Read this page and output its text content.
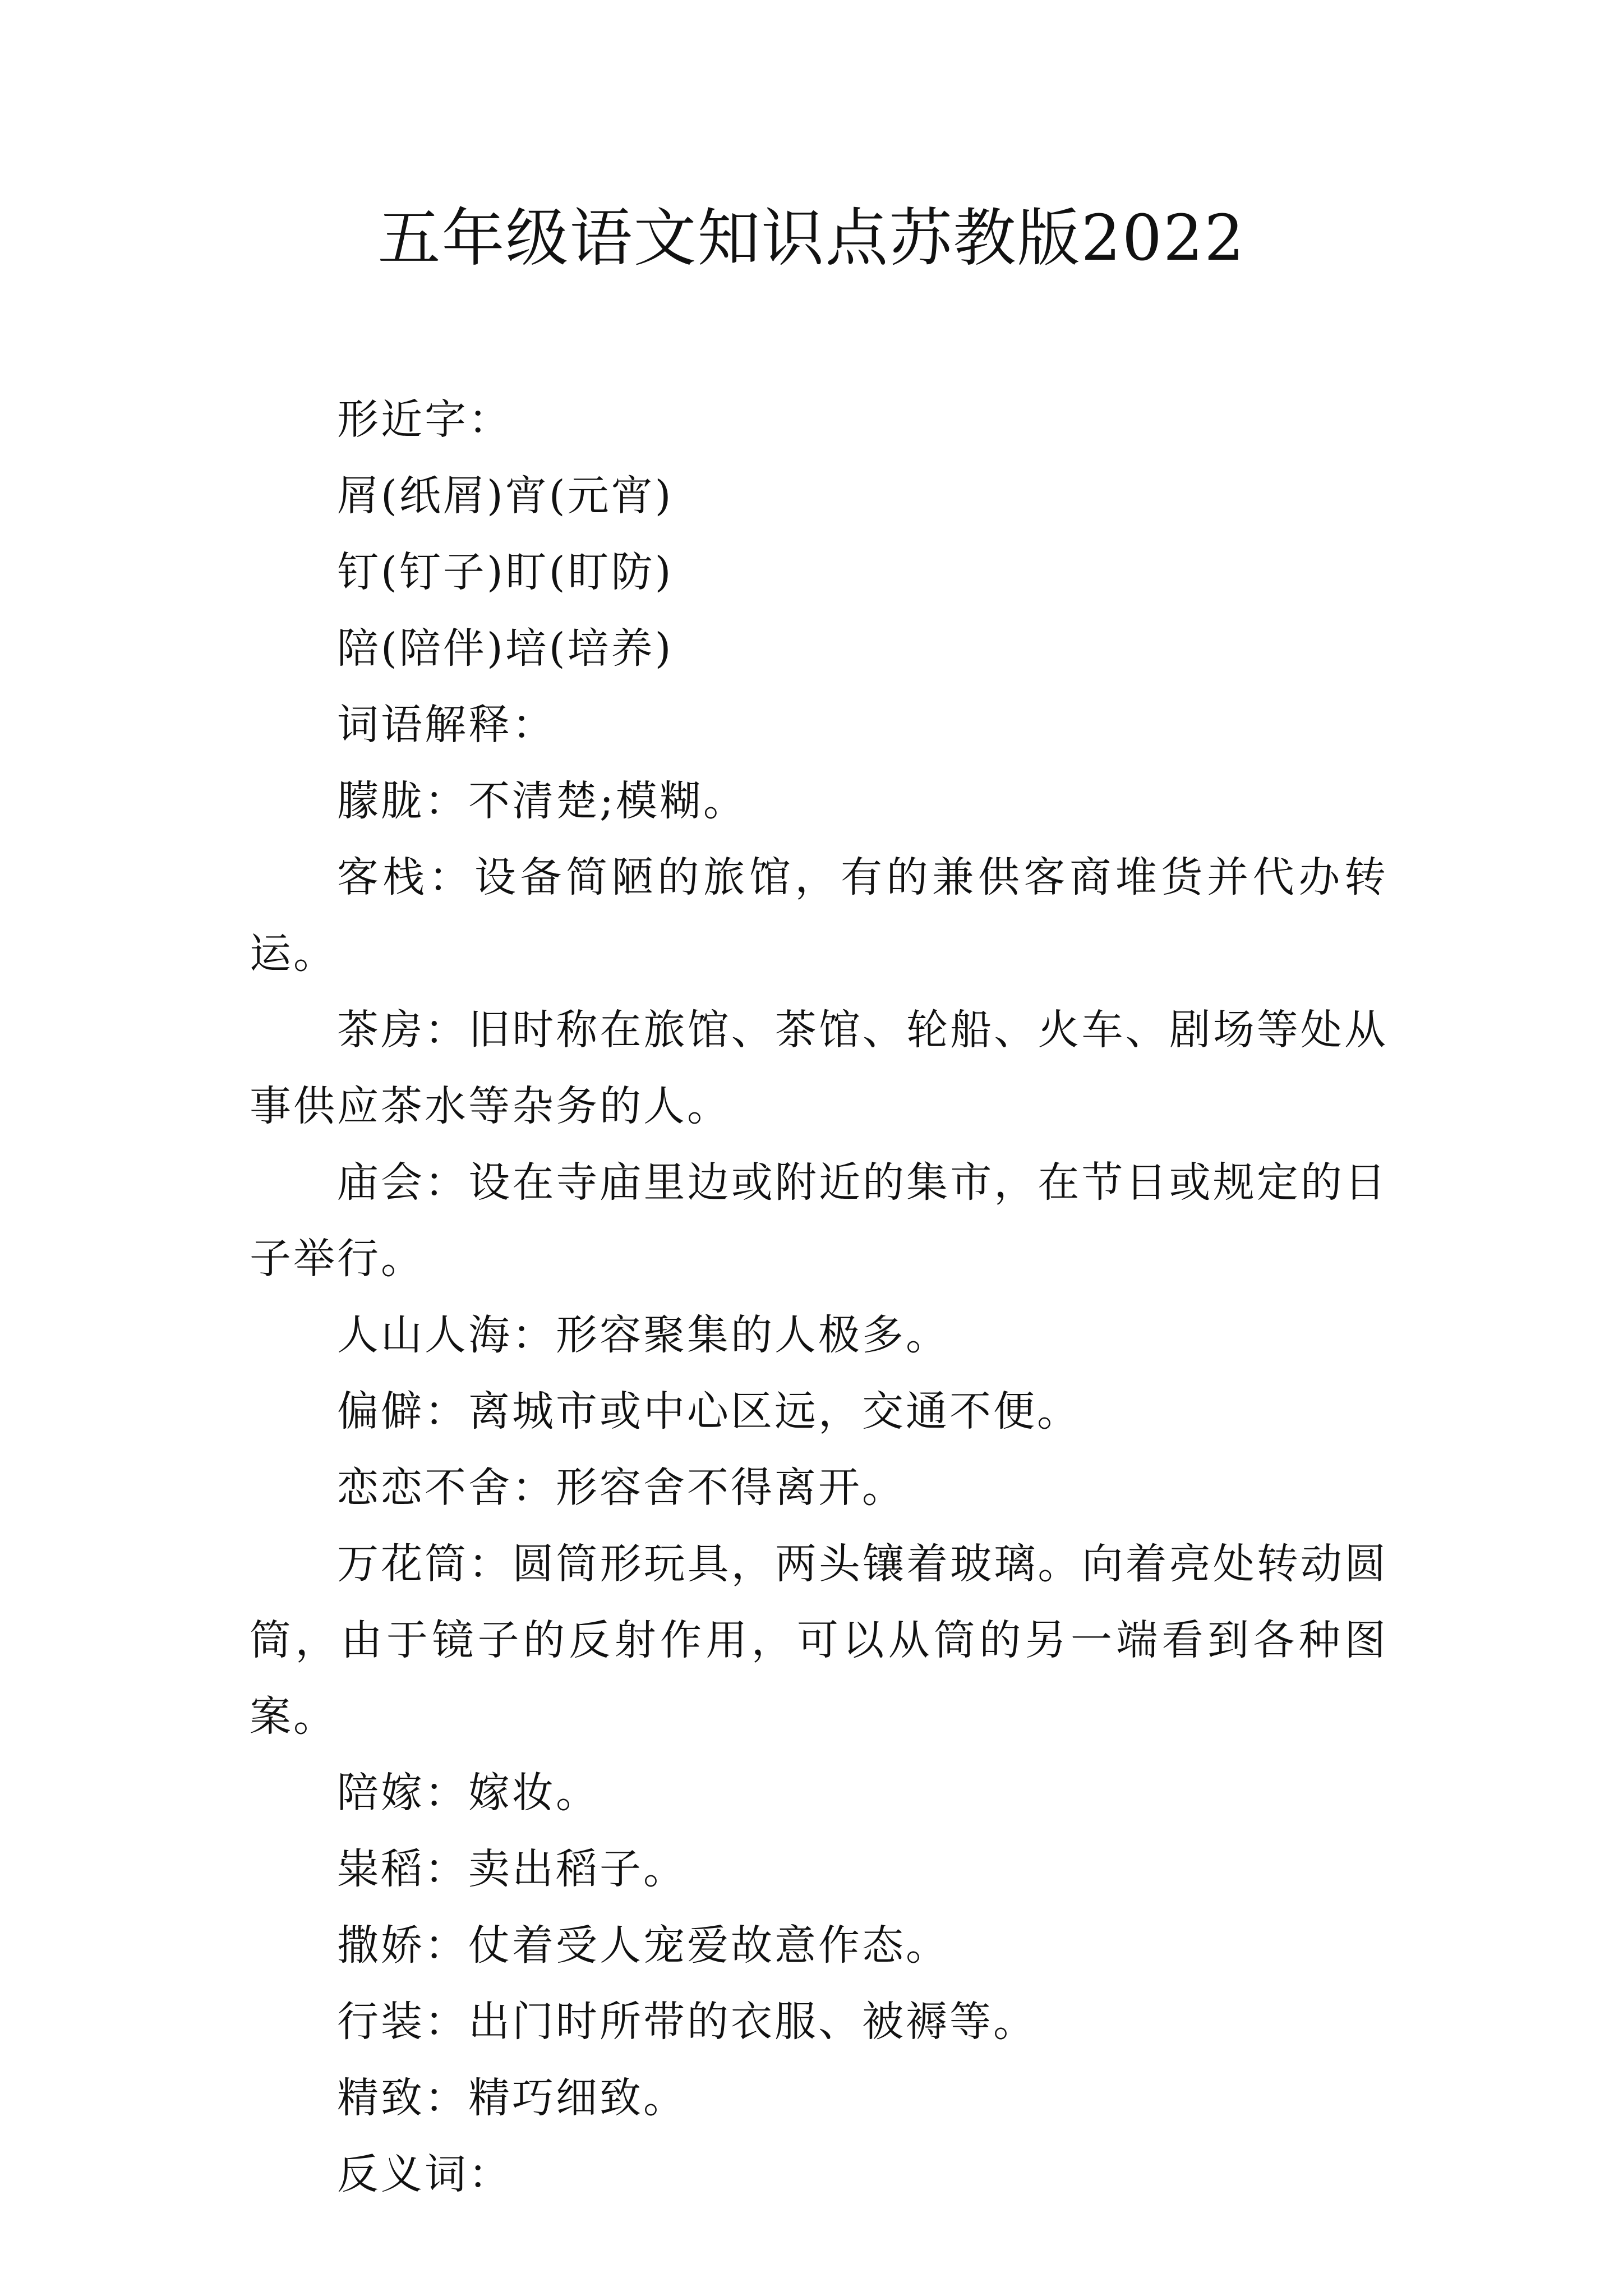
五年级语文知识点苏教版2022

形近字：

屑(纸屑)宵(元宵)

钉(钉子)盯(盯防)

陪(陪伴)培(培养)

词语解释：

朦胧：不清楚;模糊。

客栈：设备简陋的旅馆，有的兼供客商堆货并代办转运。

茶房：旧时称在旅馆、茶馆、轮船、火车、剧场等处从事供应茶水等杂务的人。

庙会：设在寺庙里边或附近的集市，在节日或规定的日子举行。

人山人海：形容聚集的人极多。

偏僻：离城市或中心区远，交通不便。

恋恋不舍：形容舍不得离开。

万花筒：圆筒形玩具，两头镶着玻璃。向着亮处转动圆筒，由于镜子的反射作用，可以从筒的另一端看到各种图案。

陪嫁：嫁妆。

粜稻：卖出稻子。

撒娇：仗着受人宠爱故意作态。

行装：出门时所带的衣服、被褥等。

精致：精巧细致。

反义词：
